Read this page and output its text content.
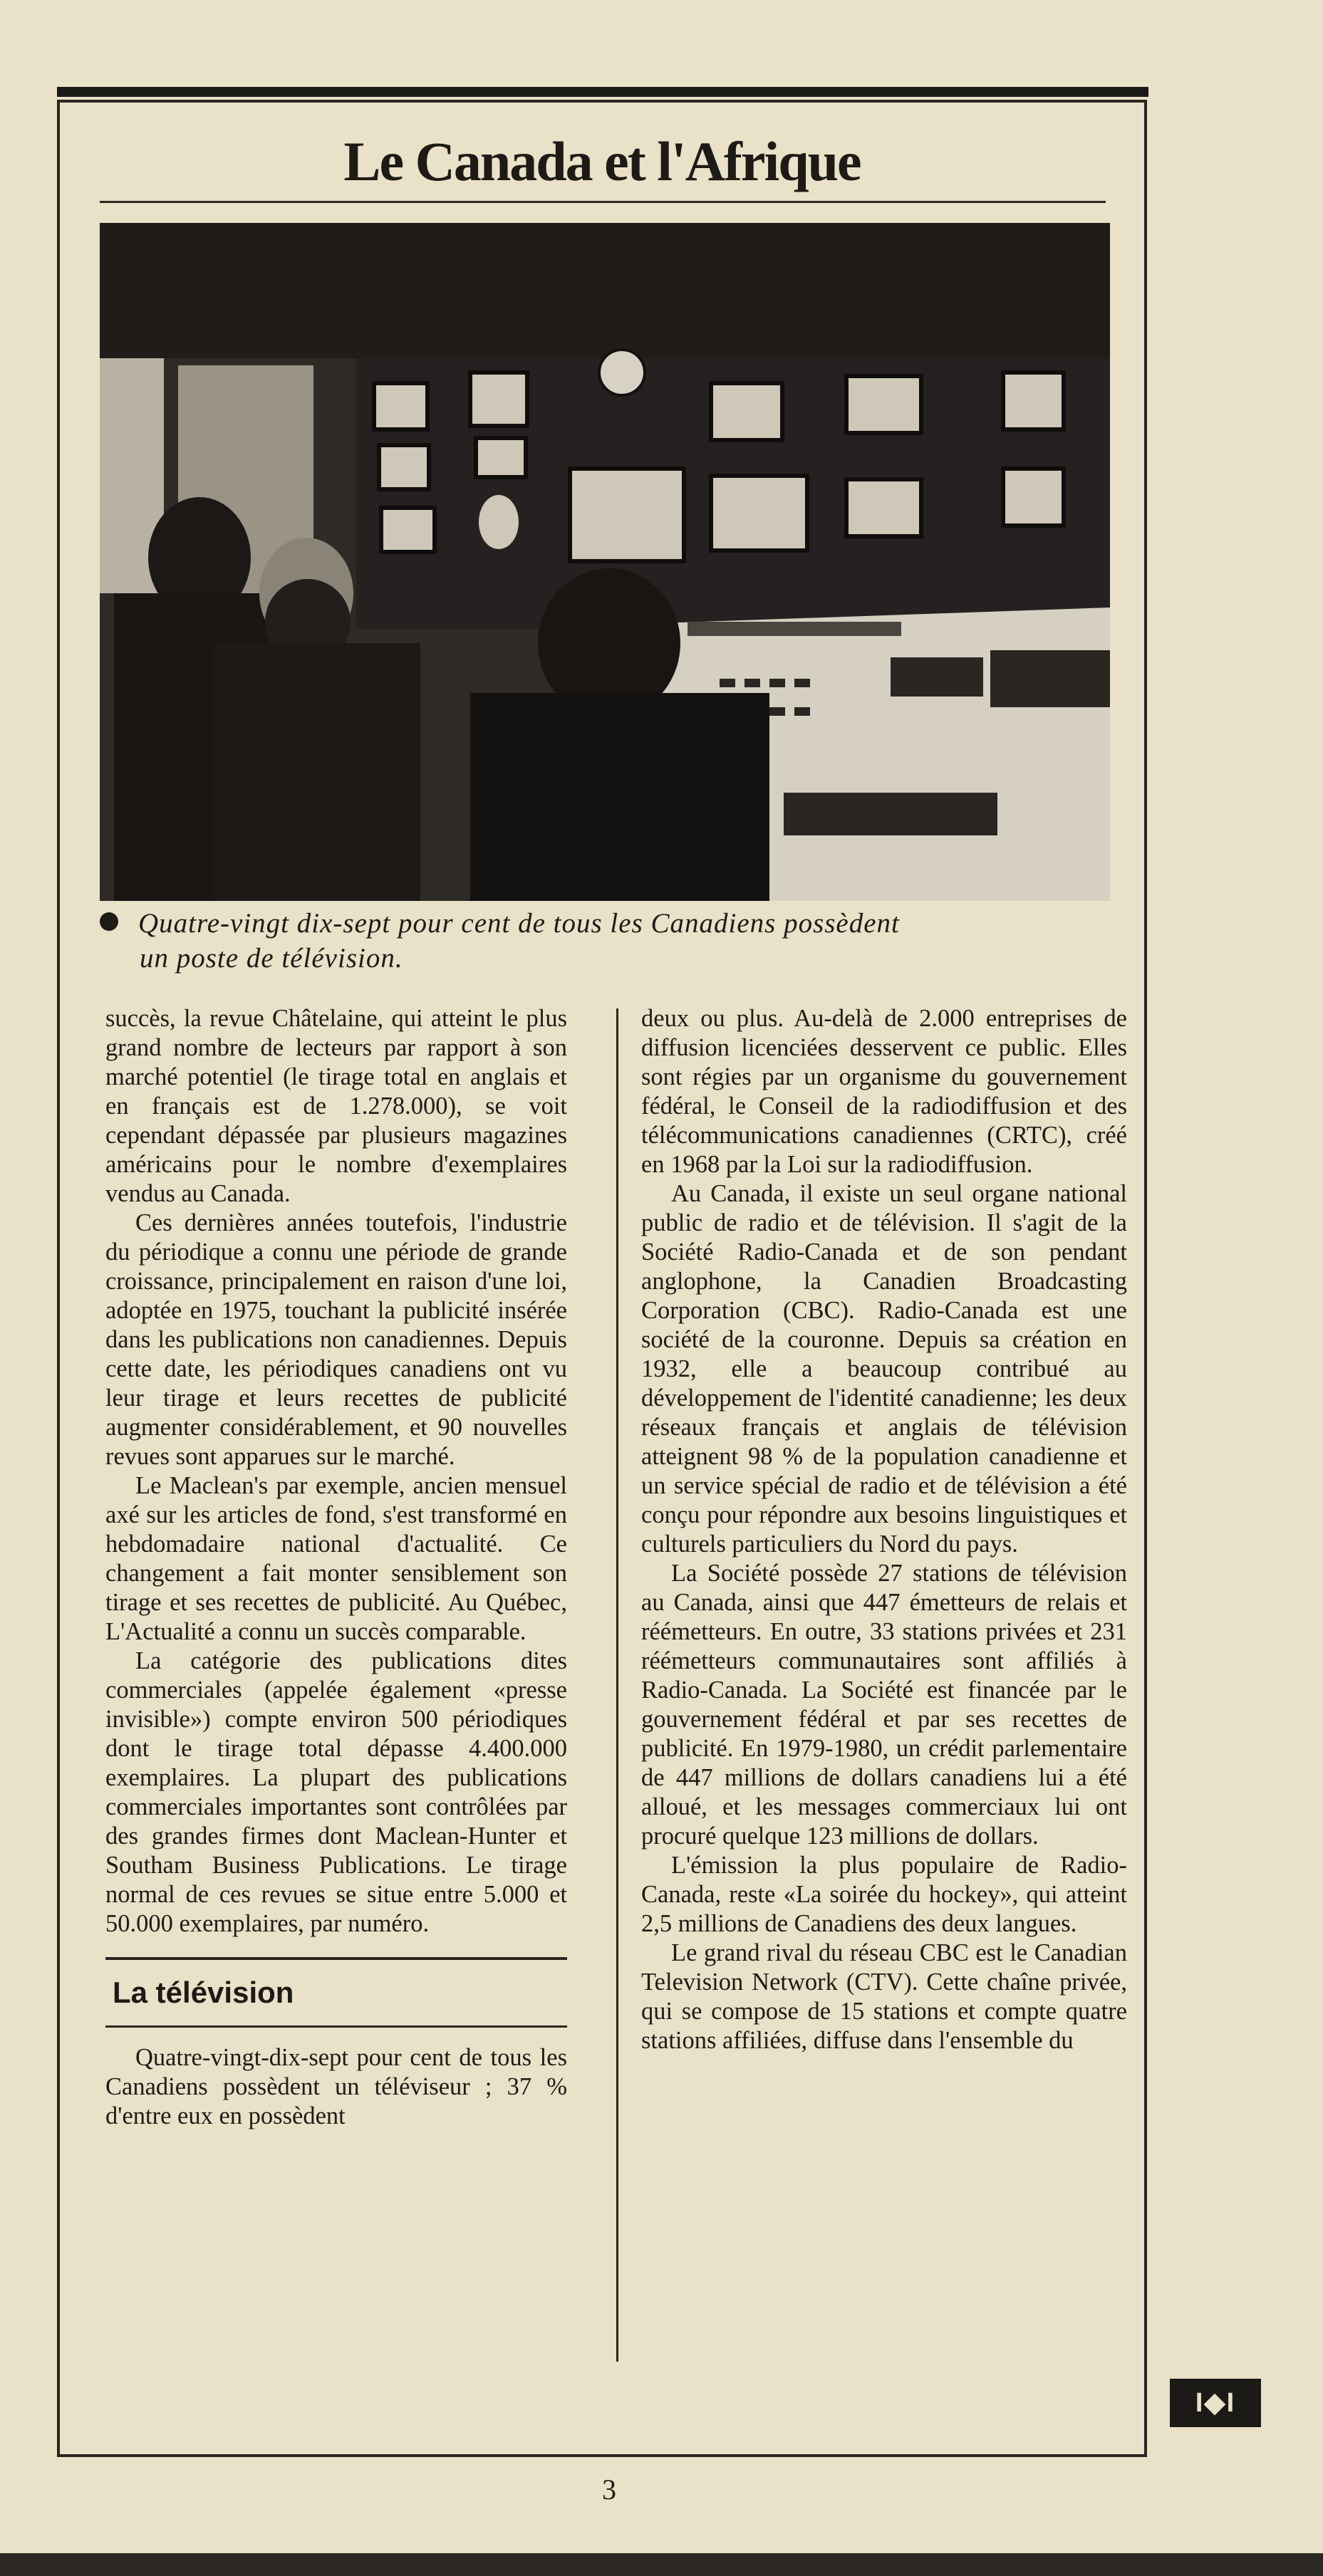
Le Canada et l'Afrique
Quatre-vingt dix-sept pour cent de tous les Canadiens possèdent
un poste de télévision.

succès, la revue Châtelaine, qui atteint le plus grand nombre de lecteurs par rapport à son marché potentiel (le tirage total en anglais et en français est de 1.278.000), se voit cependant dépassée par plusieurs magazines américains pour le nombre d'exemplaires vendus au Canada.

Ces dernières années toutefois, l'industrie du périodique a connu une période de grande croissance, principalement en raison d'une loi, adoptée en 1975, touchant la publicité insérée dans les publications non canadiennes. Depuis cette date, les périodiques canadiens ont vu leur tirage et leurs recettes de publicité augmenter considérablement, et 90 nouvelles revues sont apparues sur le marché.

Le Maclean's par exemple, ancien mensuel axé sur les articles de fond, s'est transformé en hebdomadaire national d'actualité. Ce changement a fait monter sensiblement son tirage et ses recettes de publicité. Au Québec, L'Actualité a connu un succès comparable.

La catégorie des publications dites commerciales (appelée également «presse invisible») compte environ 500 périodiques dont le tirage total dépasse 4.400.000 exemplaires. La plupart des publications commerciales importantes sont contrôlées par des grandes firmes dont Maclean-Hunter et Southam Business Publications. Le tirage normal de ces revues se situe entre 5.000 et 50.000 exemplaires, par numéro.

La télévision

Quatre-vingt-dix-sept pour cent de tous les Canadiens possèdent un téléviseur ; 37 % d'entre eux en possèdent

deux ou plus. Au-delà de 2.000 entreprises de diffusion licenciées desservent ce public. Elles sont régies par un organisme du gouvernement fédéral, le Conseil de la radiodiffusion et des télécommunications canadiennes (CRTC), créé en 1968 par la Loi sur la radiodiffusion.

Au Canada, il existe un seul organe national public de radio et de télévision. Il s'agit de la Société Radio-Canada et de son pendant anglophone, la Canadien Broadcasting Corporation (CBC). Radio-Canada est une société de la couronne. Depuis sa création en 1932, elle a beaucoup contribué au développement de l'identité canadienne; les deux réseaux français et anglais de télévision atteignent 98 % de la population canadienne et un service spécial de radio et de télévision a été conçu pour répondre aux besoins linguistiques et culturels particuliers du Nord du pays.

La Société possède 27 stations de télévision au Canada, ainsi que 447 émetteurs de relais et réémetteurs. En outre, 33 stations privées et 231 réémetteurs communautaires sont affiliés à Radio-Canada. La Société est financée par le gouvernement fédéral et par ses recettes de publicité. En 1979-1980, un crédit parlementaire de 447 millions de dollars canadiens lui a été alloué, et les messages commerciaux lui ont procuré quelque 123 millions de dollars.

L'émission la plus populaire de Radio-Canada, reste «La soirée du hockey», qui atteint 2,5 millions de Canadiens des deux langues.

Le grand rival du réseau CBC est le Canadian Television Network (CTV). Cette chaîne privée, qui se compose de 15 stations et compte quatre stations affiliées, diffuse dans l'ensemble du

I◆I
3
